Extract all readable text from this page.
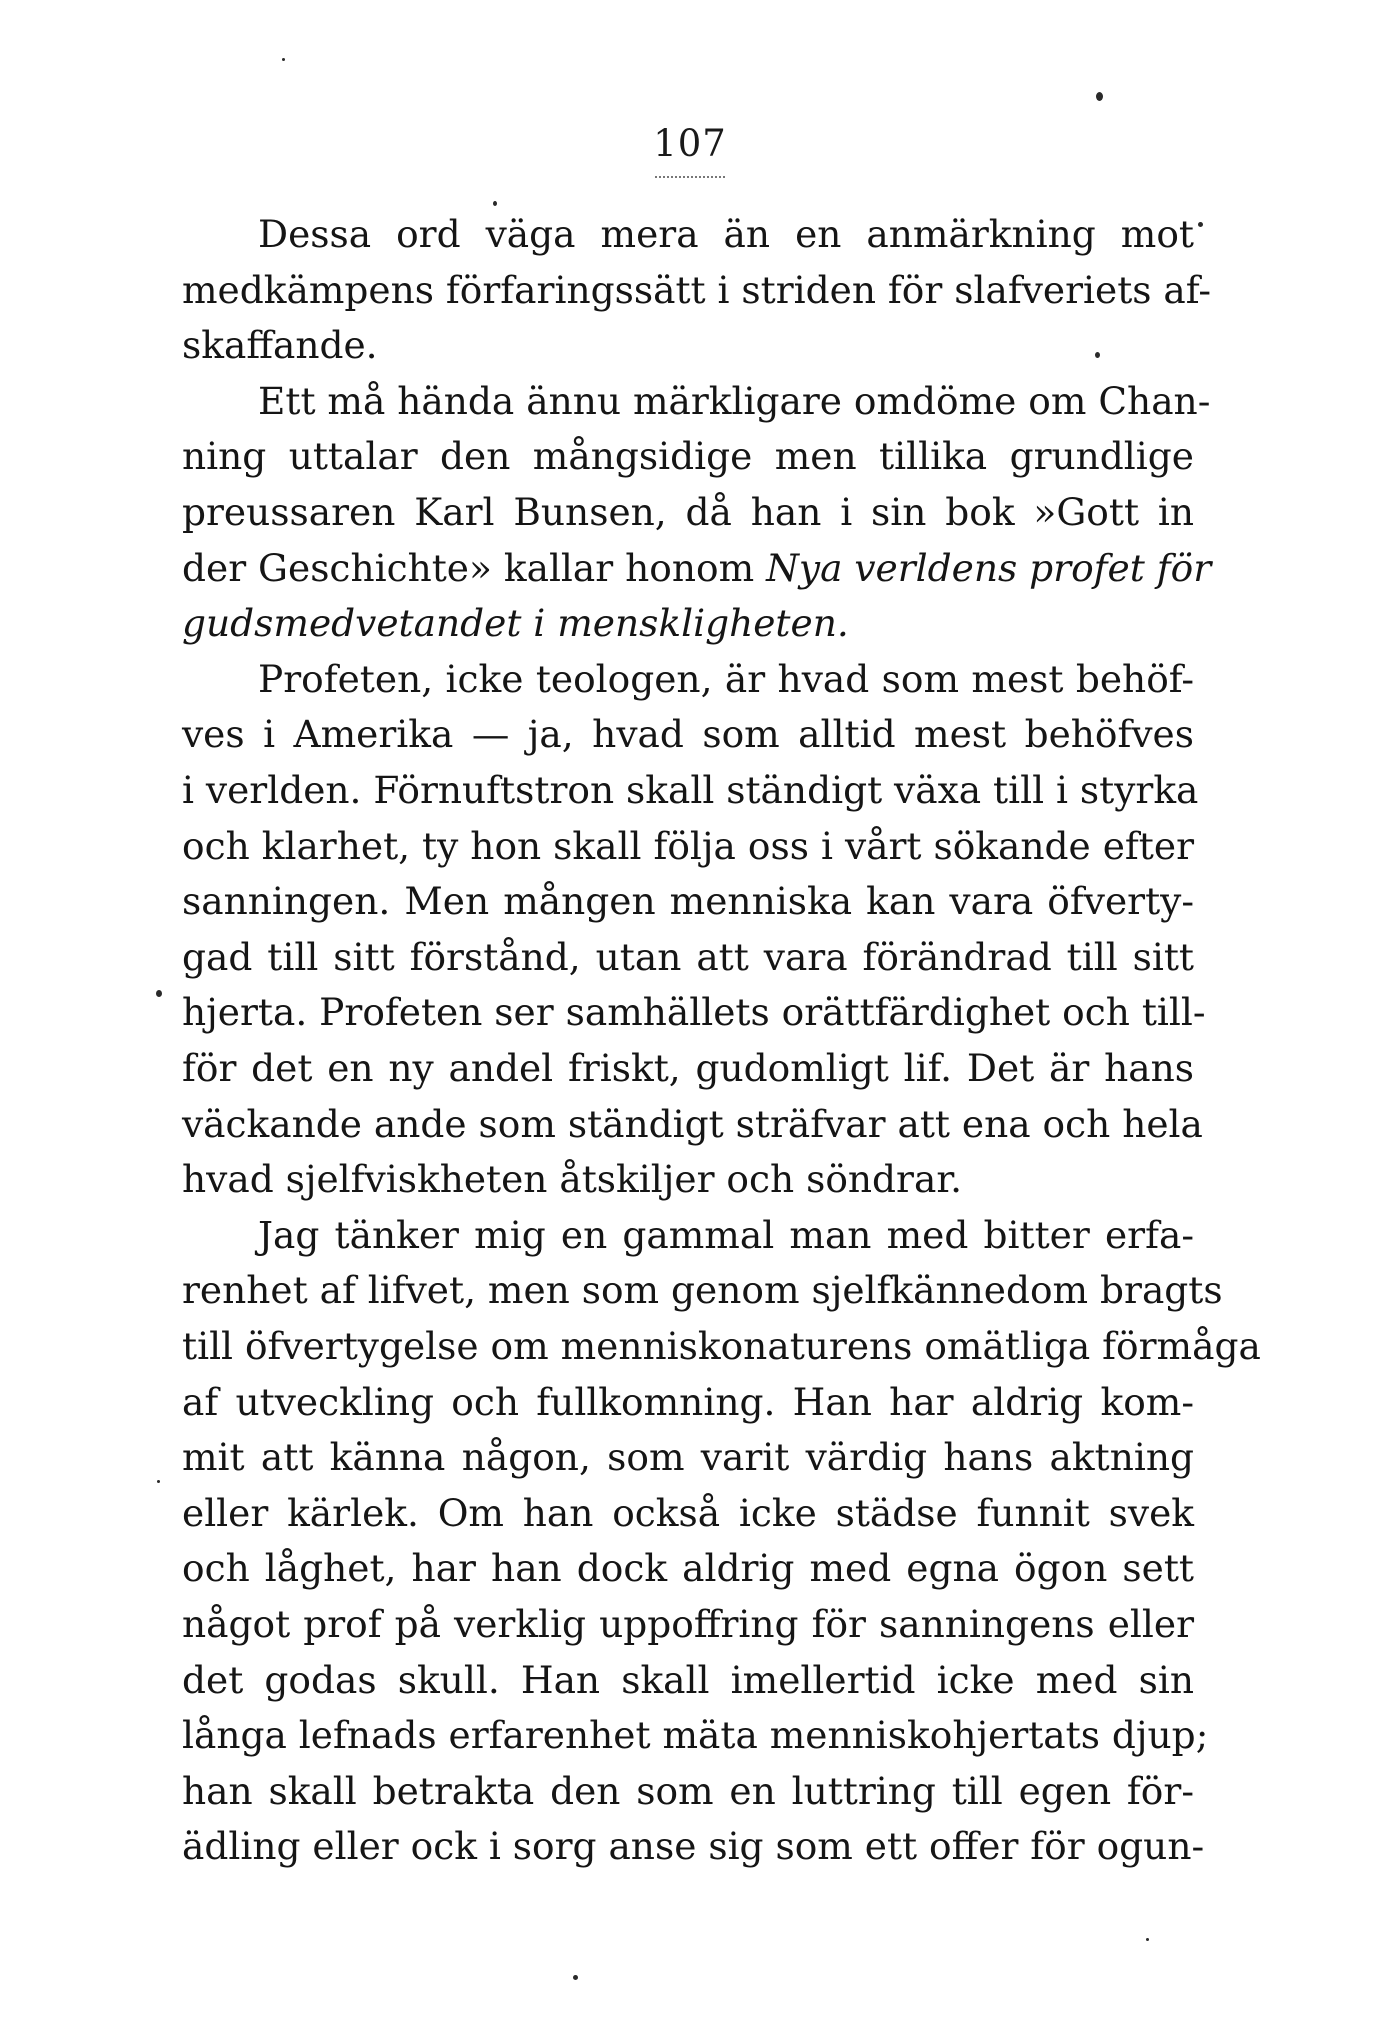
107
Dessa ord väga mera än en anmärkning mot
medkämpens förfaringssätt i striden för slafveriets af-
skaffande.
Ett må hända ännu märkligare omdöme om Chan-
ning uttalar den mångsidige men tillika grundlige
preussaren Karl Bunsen, då han i sin bok »Gott in
der Geschichte» kallar honom Nya verldens profet för
gudsmedvetandet i menskligheten.
Profeten, icke teologen, är hvad som mest behöf-
ves i Amerika — ja, hvad som alltid mest behöfves
i verlden. Förnuftstron skall ständigt växa till i styrka
och klarhet, ty hon skall följa oss i vårt sökande efter
sanningen. Men mången menniska kan vara öfverty-
gad till sitt förstånd, utan att vara förändrad till sitt
hjerta. Profeten ser samhällets orättfärdighet och till-
för det en ny andel friskt, gudomligt lif. Det är hans
väckande ande som ständigt sträfvar att ena och hela
hvad sjelfviskheten åtskiljer och söndrar.
Jag tänker mig en gammal man med bitter erfa-
renhet af lifvet, men som genom sjelfkännedom bragts
till öfvertygelse om menniskonaturens omätliga förmåga
af utveckling och fullkomning. Han har aldrig kom-
mit att känna någon, som varit värdig hans aktning
eller kärlek. Om han också icke städse funnit svek
och låghet, har han dock aldrig med egna ögon sett
något prof på verklig uppoffring för sanningens eller
det godas skull. Han skall imellertid icke med sin
långa lefnads erfarenhet mäta menniskohjertats djup;
han skall betrakta den som en luttring till egen för-
ädling eller ock i sorg anse sig som ett offer för ogun-
